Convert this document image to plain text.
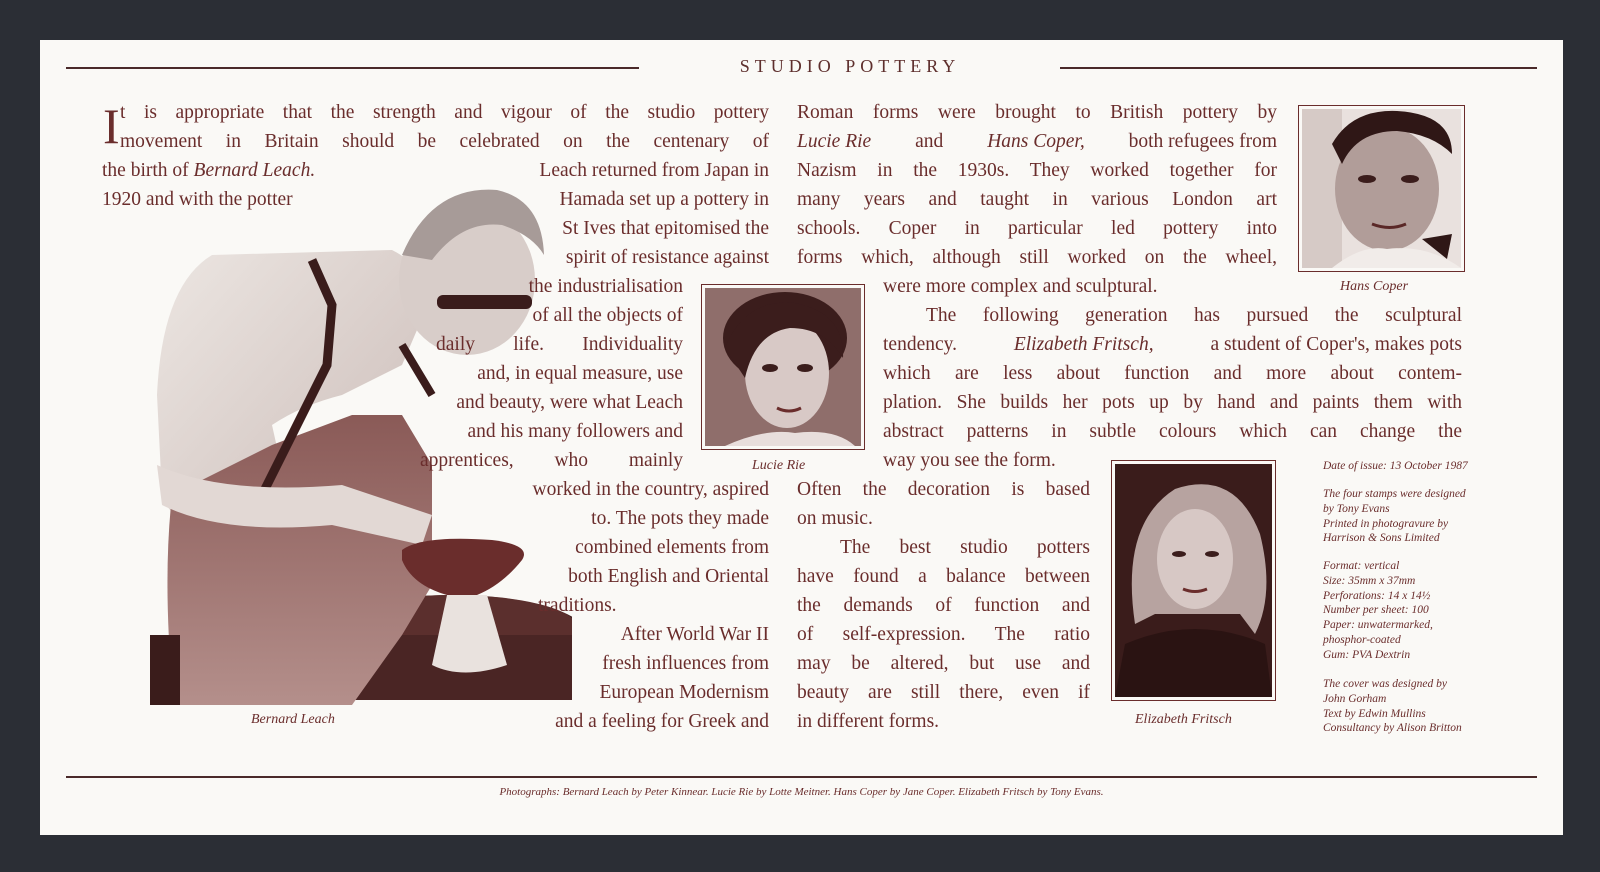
STUDIO POTTERY
Bernard Leach
I t is appropriate that the strength and vigour of the studio pottery
movement in Britain should be celebrated on the centenary of
the birth of Bernard Leach.	Leach returned from Japan in
1920 and with the potter	Hamada set up a pottery in
St Ives that epitomised the
spirit of resistance against
the industrialisation
of all the objects of
daily life. Individuality
and, in equal measure, use
and beauty, were what Leach
and his many followers and
apprentices, who mainly
worked in the country, aspired
to. The pots they made
combined elements from
both English and Oriental
traditions.
After World War II
fresh influences from
European Modernism
and a feeling for Greek and
Lucie Rie
Roman forms were brought to British pottery by
Lucie Rie and Hans Coper, both refugees from
Nazism in the 1930s. They worked together for
many years and taught in various London art
schools. Coper in particular led pottery into
forms which, although still worked on the wheel,
were more complex and sculptural.
The following generation has pursued the sculptural
tendency.	Elizabeth Fritsch,	a student of Coper's, makes pots
which are less about function and more about contem-
plation. She builds her pots up by hand and paints them with
abstract patterns in subtle colours which can change the
way you see the form.
Often the decoration is based
on music.
The best studio potters
have found a balance between
the demands of function and
of self-expression. The ratio
may be altered, but use and
beauty are still there, even if
in different forms.
Hans Coper
Elizabeth Fritsch
Date of issue: 13 October 1987
The four stamps were designed
by Tony Evans
Printed in photogravure by
Harrison & Sons Limited
Format: vertical
Size: 35mm x 37mm
Perforations: 14 x 14½
Number per sheet: 100
Paper: unwatermarked,
phosphor-coated
Gum: PVA Dextrin
The cover was designed by
John Gorham
Text by Edwin Mullins
Consultancy by Alison Britton
Photographs: Bernard Leach by Peter Kinnear. Lucie Rie by Lotte Meitner. Hans Coper by Jane Coper. Elizabeth Fritsch by Tony Evans.
